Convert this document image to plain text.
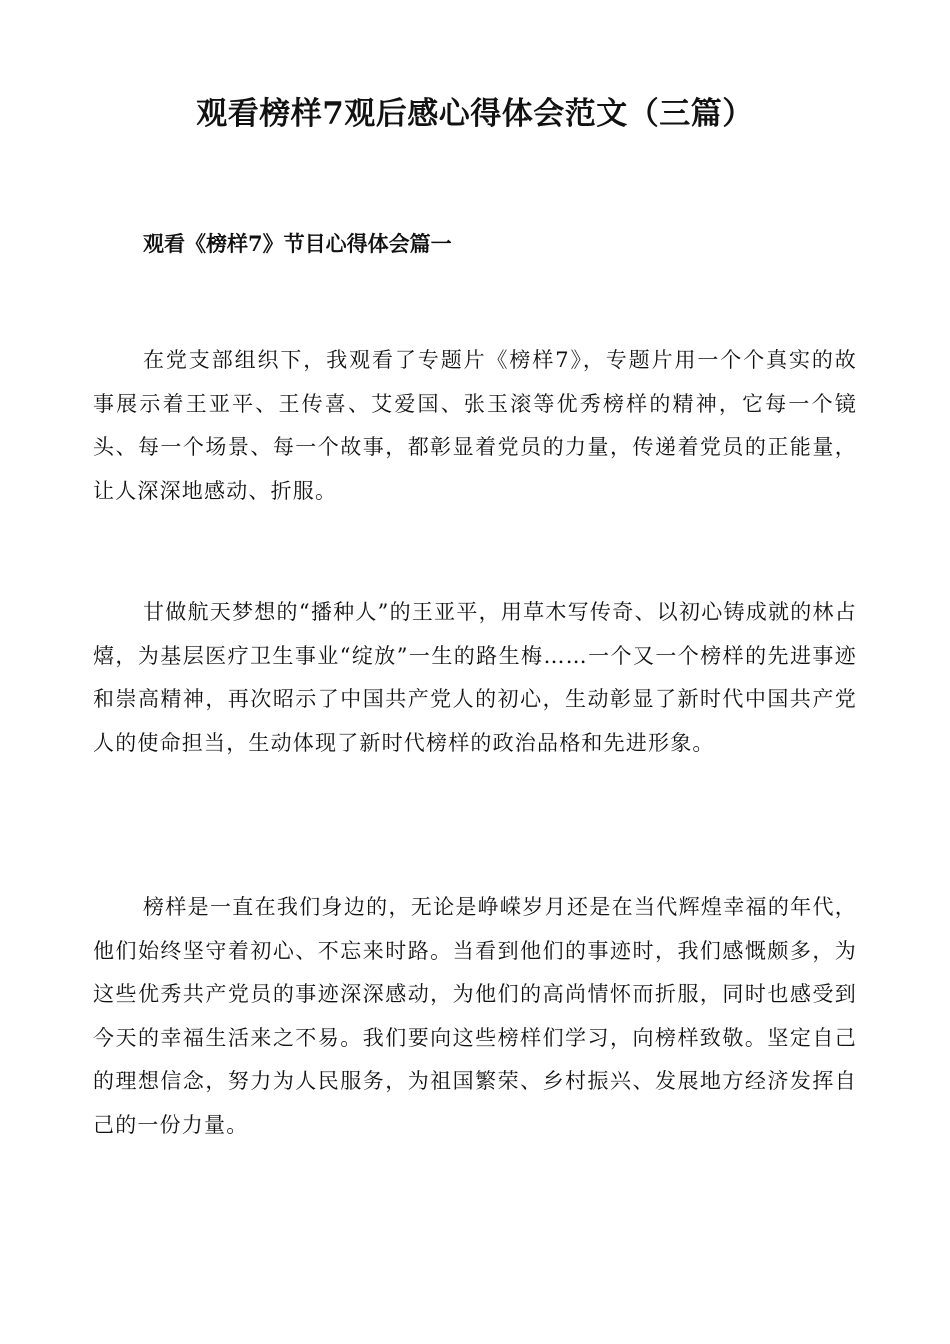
观看榜样7观后感心得体会范文（三篇）
观看《榜样7》节目心得体会篇一

在党支部组织下，我观看了专题片《榜样7》，专题片用一个个真实的故事展示着王亚平、王传喜、艾爱国、张玉滚等优秀榜样的精神，它每一个镜头、每一个场景、每一个故事，都彰显着党员的力量，传递着党员的正能量，让人深深地感动、折服。

甘做航天梦想的“播种人”的王亚平，用草木写传奇、以初心铸成就的林占熺，为基层医疗卫生事业“绽放”一生的路生梅……一个又一个榜样的先进事迹和崇高精神，再次昭示了中国共产党人的初心，生动彰显了新时代中国共产党人的使命担当，生动体现了新时代榜样的政治品格和先进形象。

榜样是一直在我们身边的，无论是峥嵘岁月还是在当代辉煌幸福的年代，他们始终坚守着初心、不忘来时路。当看到他们的事迹时，我们感慨颇多，为这些优秀共产党员的事迹深深感动，为他们的高尚情怀而折服，同时也感受到今天的幸福生活来之不易。我们要向这些榜样们学习，向榜样致敬。坚定自己的理想信念，努力为人民服务，为祖国繁荣、乡村振兴、发展地方经济发挥自己的一份力量。
